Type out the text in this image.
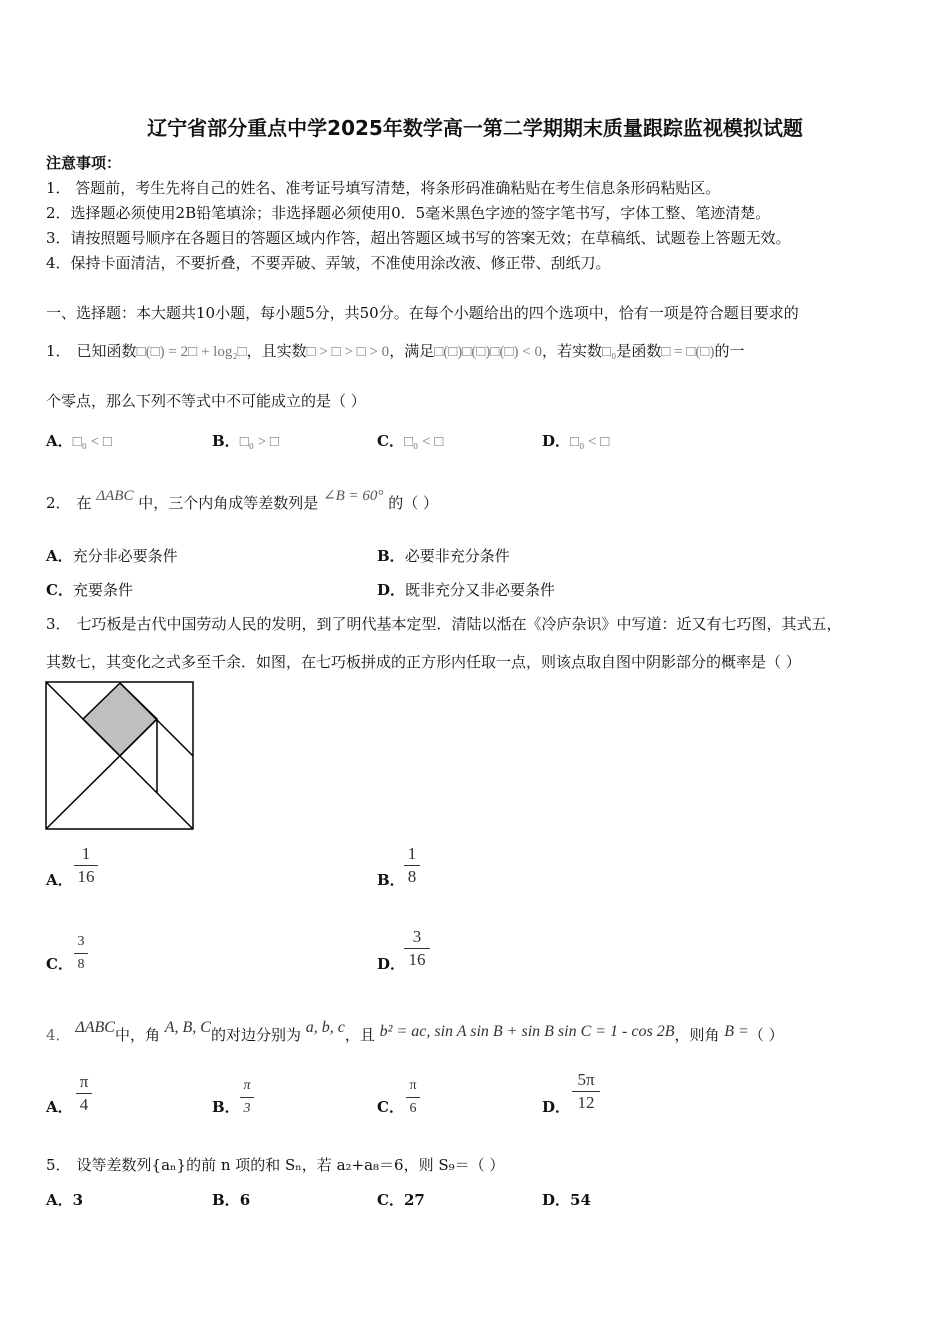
辽宁省部分重点中学2025年数学高一第二学期期末质量跟踪监视模拟试题
注意事项：
1． 答题前，考生先将自己的姓名、准考证号填写清楚，将条形码准确粘贴在考生信息条形码粘贴区。
2．选择题必须使用2B铅笔填涂；非选择题必须使用0．5毫米黑色字迹的签字笔书写，字体工整、笔迹清楚。
3．请按照题号顺序在各题目的答题区域内作答，超出答题区域书写的答案无效；在草稿纸、试题卷上答题无效。
4．保持卡面清洁，不要折叠，不要弄破、弄皱，不准使用涂改液、修正带、刮纸刀。
一、选择题：本大题共10小题，每小题5分，共50分。在每个小题给出的四个选项中，恰有一项是符合题目要求的
1． 已知函数□(□) = 2□ + log₂□，且实数□ > □ > □ > 0，满足□(□)□(□)□(□) < 0，若实数□₀是函数□ = □(□)的一
个零点，那么下列不等式中不可能成立的是（ ）
A．□₀ < □	B．□₀ > □	C．□₀ < □	D．□₀ < □
2． 在 ΔABC 中，三个内角成等差数列是 ∠B = 60° 的（ ）
A．充分非必要条件	B．必要非充分条件
C．充要条件	D．既非充分又非必要条件
3． 七巧板是古代中国劳动人民的发明，到了明代基本定型．清陆以湉在《冷庐杂识》中写道：近又有七巧图，其式五，
其数七，其变化之式多至千余．如图，在七巧板拼成的正方形内任取一点，则该点取自图中阴影部分的概率是（ ）
A．
1
16	B．
1
8
C．
3
8	D．
3
16
4． ΔABC中，角 A, B, C的对边分别为 a, b, c，且 b² = ac, sin A sin B + sin B sin C = 1 - cos 2B，则角 B =（ ）
A．
π
4	B．
π
3	C．
π
6	D．
5π
12
5． 设等差数列{aₙ}的前 n 项的和 Sₙ，若 a₂+a₈＝6，则 S₉＝（ ）
A．3	B．6	C．27	D．54
